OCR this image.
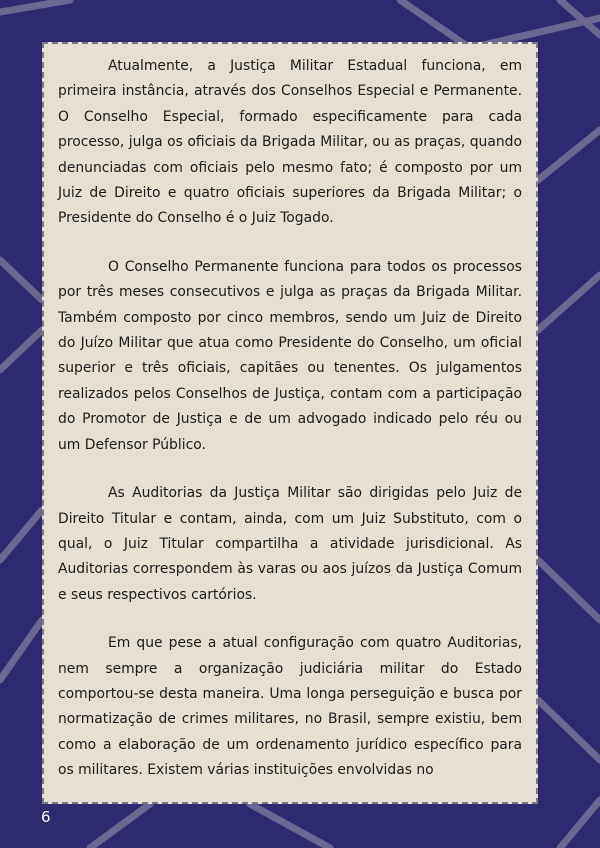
Atualmente, a Justiça Militar Estadual funciona, em primeira instância, através dos Conselhos Especial e Permanente. O Conselho Especial, formado especificamente para cada processo, julga os oficiais da Brigada Militar, ou as praças, quando denunciadas com oficiais pelo mesmo fato; é composto por um Juiz de Direito e quatro oficiais superiores da Brigada Militar; o Presidente do Conselho é o Juiz Togado.

O Conselho Permanente funciona para todos os processos por três meses consecutivos e julga as praças da Brigada Militar. Também composto por cinco membros, sendo um Juiz de Direito do Juízo Militar que atua como Presidente do Conselho, um oficial superior e três oficiais, capitães ou tenentes. Os julgamentos realizados pelos Conselhos de Justiça, contam com a participação do Promotor de Justiça e de um advogado indicado pelo réu ou um Defensor Público.

As Auditorias da Justiça Militar são dirigidas pelo Juiz de Direito Titular e contam, ainda, com um Juiz Substituto, com o qual, o Juiz Titular compartilha a atividade jurisdicional. As Auditorias correspondem às varas ou aos juízos da Justiça Comum e seus respectivos cartórios.

Em que pese a atual configuração com quatro Auditorias, nem sempre a organização judiciária militar do Estado comportou-se desta maneira. Uma longa perseguição e busca por normatização de crimes militares, no Brasil, sempre existiu, bem como a elaboração de um ordenamento jurídico específico para os militares. Existem várias instituições envolvidas no

6
